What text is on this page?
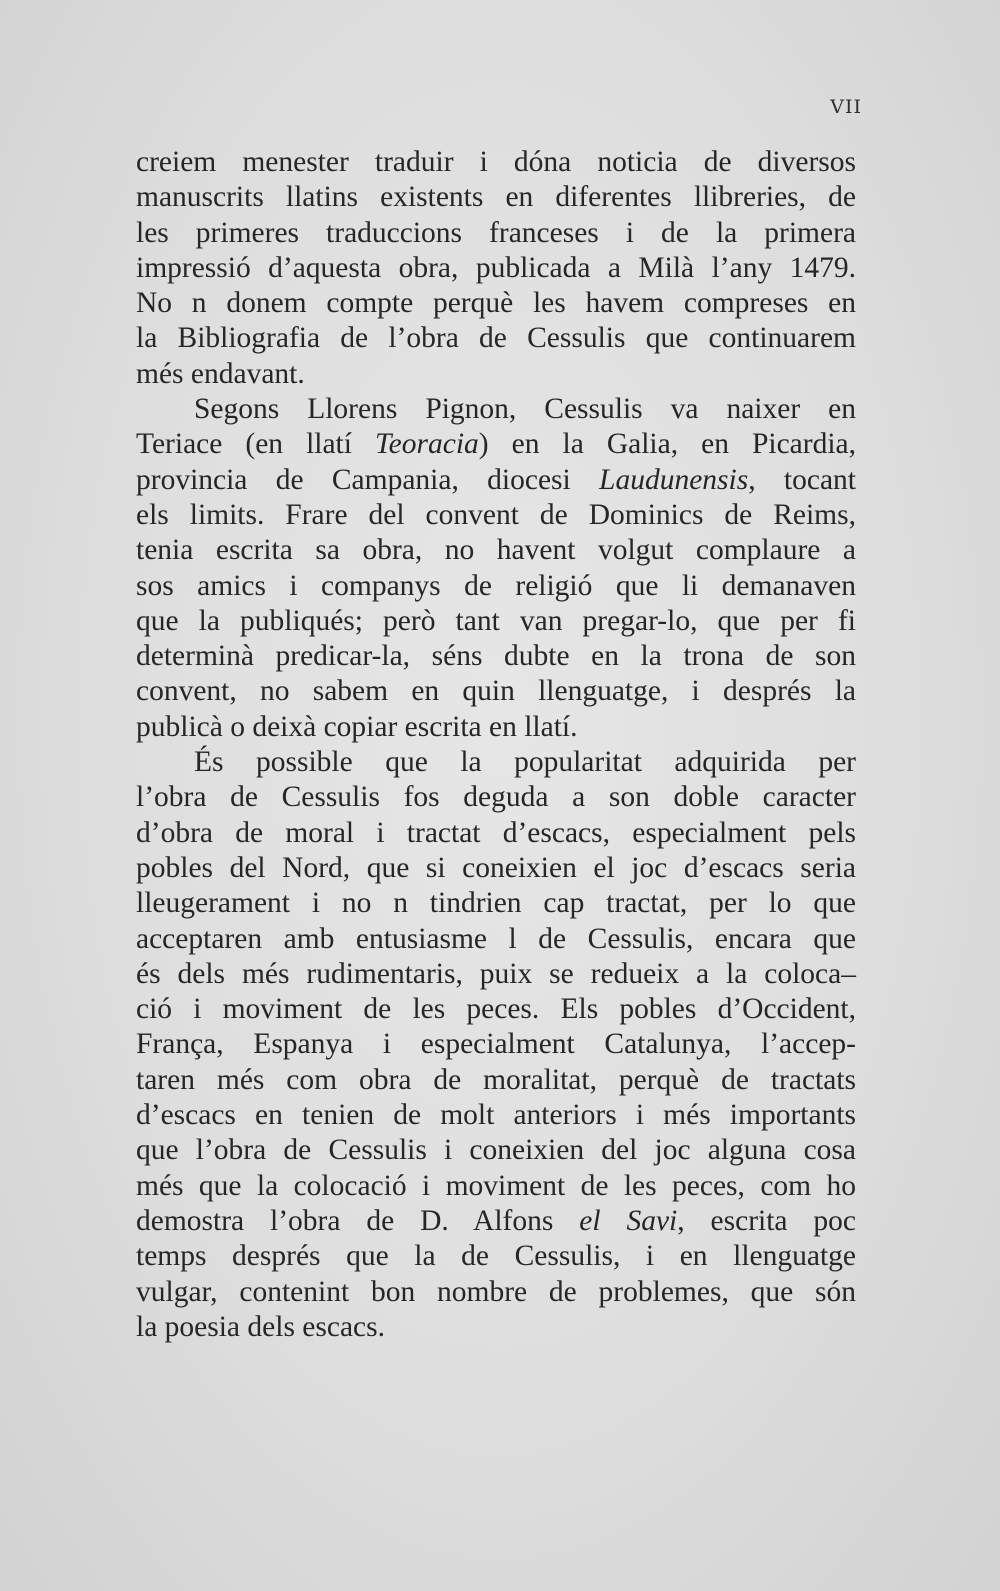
VII
creiem menester traduir i dóna noticia de diversos
manuscrits llatins existents en diferentes llibreries, de
les primeres traduccions franceses i de la primera
impressió d’aquesta obra, publicada a Milà l’any 1479.
No n donem compte perquè les havem compreses en
la Bibliografia de l’obra de Cessulis que continuarem
més endavant.
Segons Llorens Pignon, Cessulis va naixer en
Teriace (en llatí Teoracia) en la Galia, en Picardia,
provincia de Campania, diocesi Laudunensis, tocant
els limits. Frare del convent de Dominics de Reims,
tenia escrita sa obra, no havent volgut complaure a
sos amics i companys de religió que li demanaven
que la publiqués; però tant van pregar-lo, que per fi
determinà predicar-la, séns dubte en la trona de son
convent, no sabem en quin llenguatge, i després la
publicà o deixà copiar escrita en llatí.
És possible que la popularitat adquirida per
l’obra de Cessulis fos deguda a son doble caracter
d’obra de moral i tractat d’escacs, especialment pels
pobles del Nord, que si coneixien el joc d’escacs seria
lleugerament i no n tindrien cap tractat, per lo que
acceptaren amb entusiasme l de Cessulis, encara que
és dels més rudimentaris, puix se redueix a la coloca–
ció i moviment de les peces. Els pobles d’Occident,
França, Espanya i especialment Catalunya, l’accep-
taren més com obra de moralitat, perquè de tractats
d’escacs en tenien de molt anteriors i més importants
que l’obra de Cessulis i coneixien del joc alguna cosa
més que la colocació i moviment de les peces, com ho
demostra l’obra de D. Alfons el Savi, escrita poc
temps després que la de Cessulis, i en llenguatge
vulgar, contenint bon nombre de problemes, que són
la poesia dels escacs.
